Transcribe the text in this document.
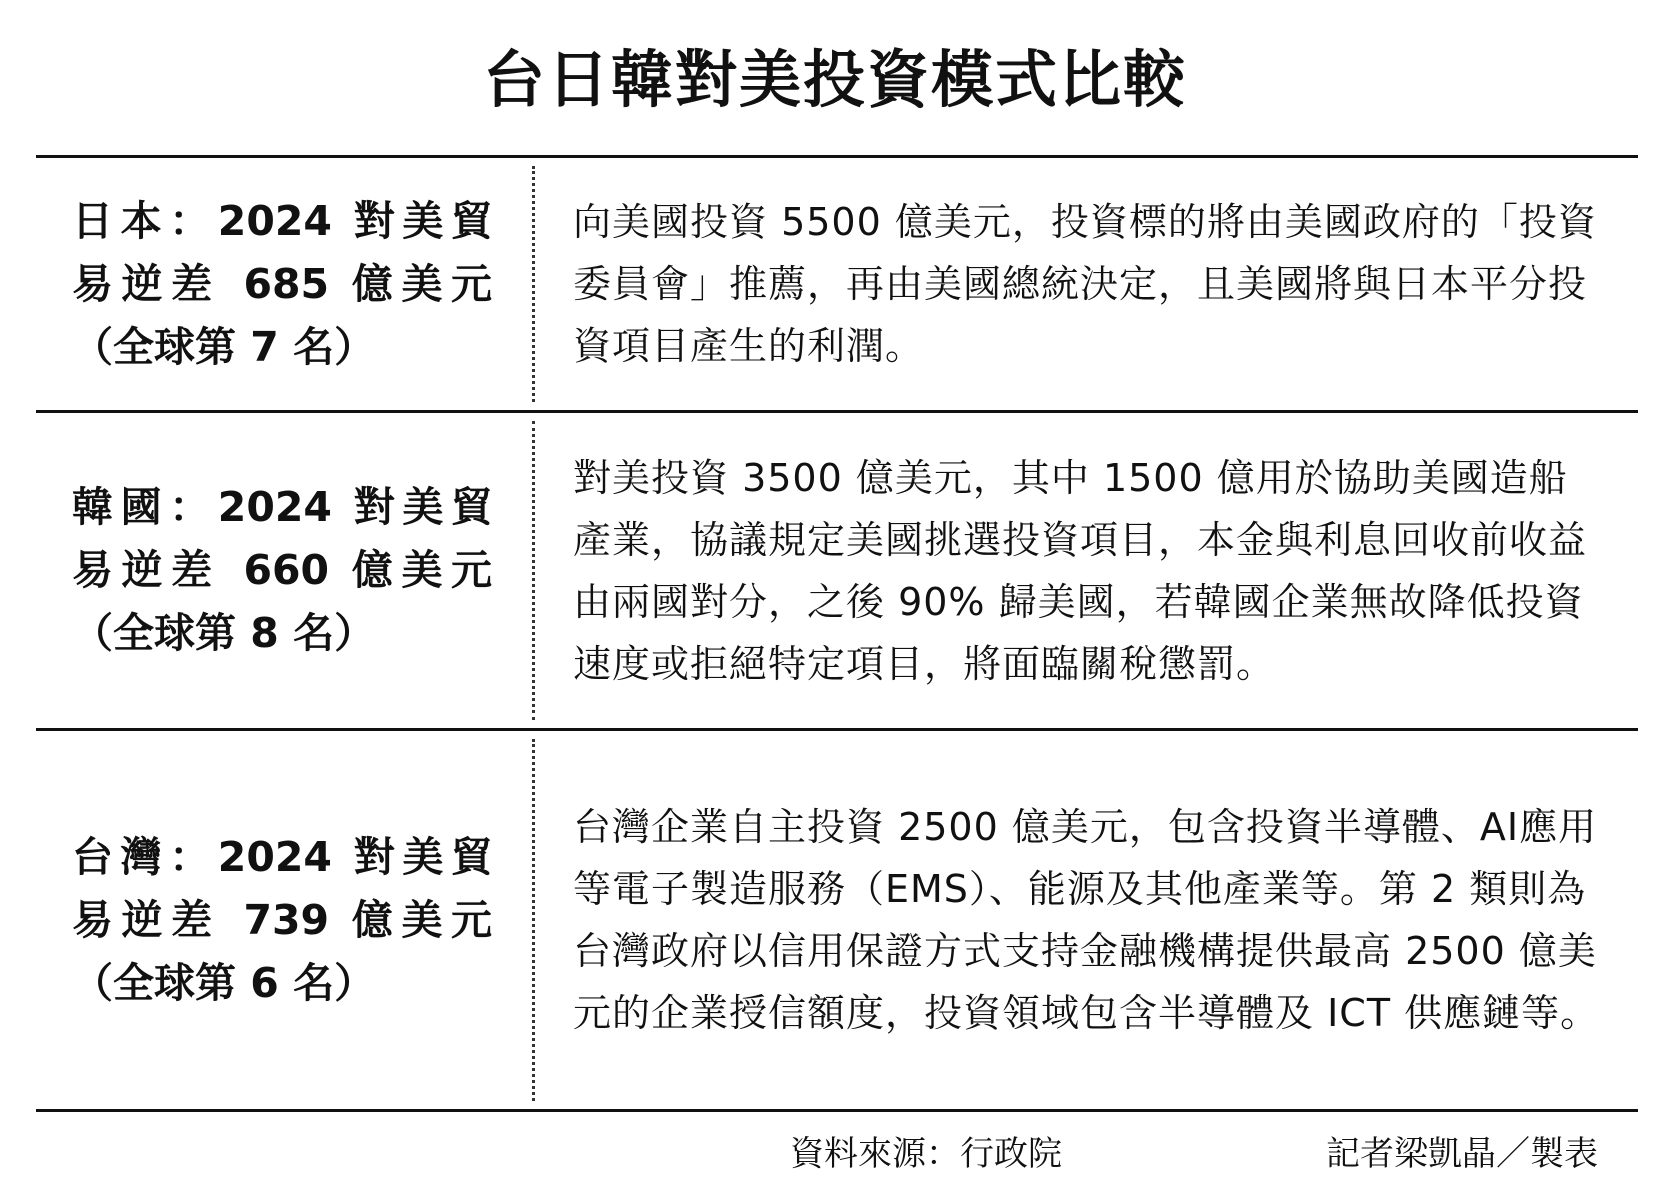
台日韓對美投資模式比較
日本：2024 對美貿
易逆差 685 億美元
（全球第 7 名）
向美國投資 5500 億美元，投資標的將由美國政府的「投資委員會」推薦，再由美國總統決定，且美國將與日本平分投資項目產生的利潤。
韓國：2024 對美貿
易逆差 660 億美元
（全球第 8 名）
對美投資 3500 億美元，其中 1500 億用於協助美國造船產業，協議規定美國挑選投資項目，本金與利息回收前收益由兩國對分，之後 90% 歸美國，若韓國企業無故降低投資速度或拒絕特定項目，將面臨關稅懲罰。
台灣：2024 對美貿
易逆差 739 億美元
（全球第 6 名）
台灣企業自主投資 2500 億美元，包含投資半導體、AI應用等電子製造服務（EMS）、能源及其他產業等。第 2 類則為台灣政府以信用保證方式支持金融機構提供最高 2500 億美元的企業授信額度，投資領域包含半導體及 ICT 供應鏈等。
資料來源：行政院	記者梁凱晶／製表
